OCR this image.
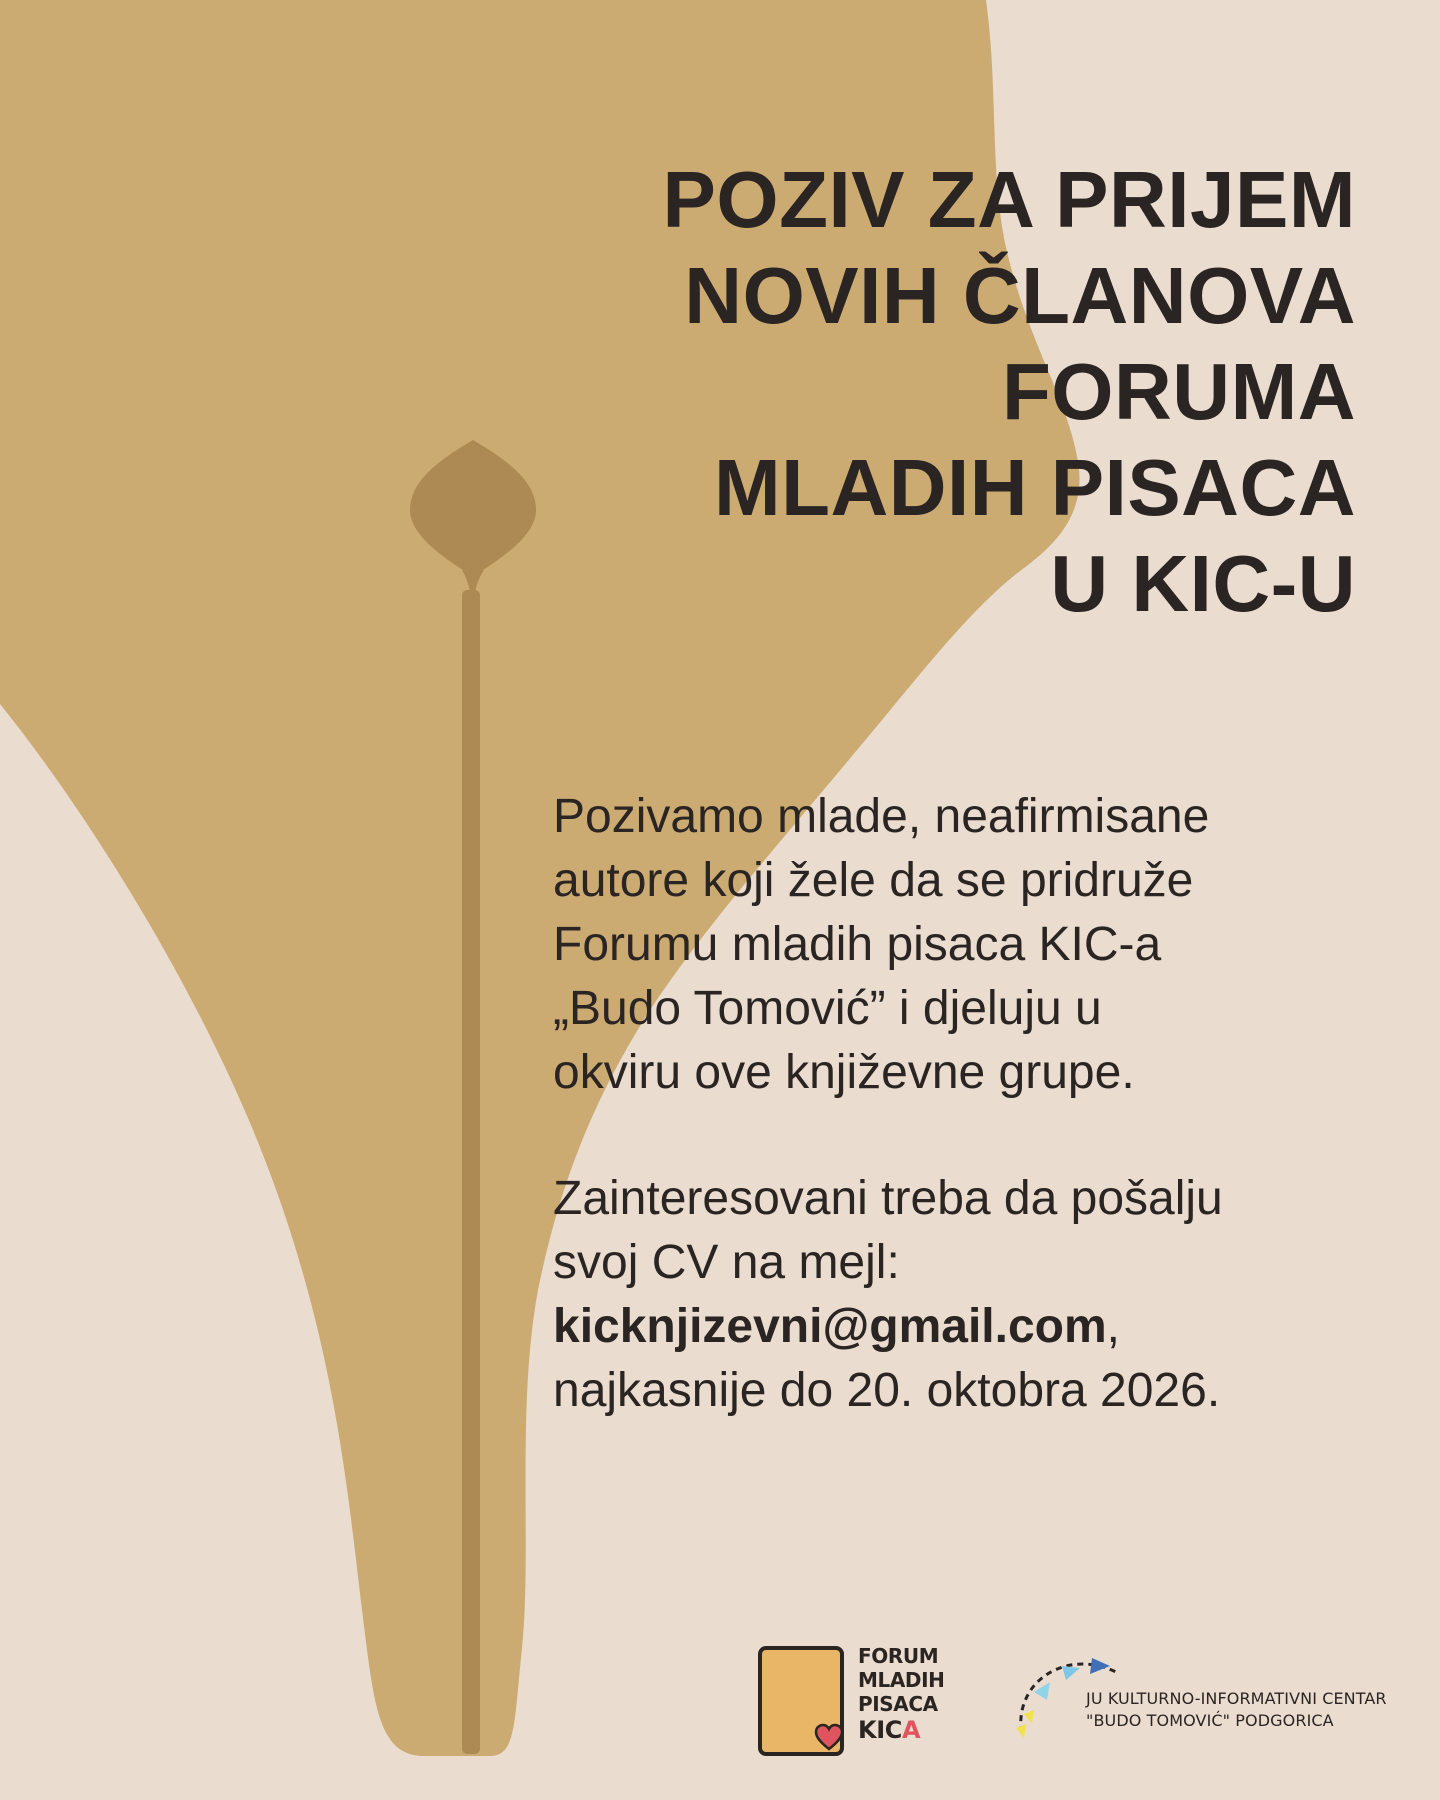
POZIV ZA PRIJEM
NOVIH ČLANOVA
FORUMA
MLADIH PISACA
U KIC-U
Pozivamo mlade, neafirmisane
autore koji žele da se pridruže
Forumu mladih pisaca KIC-a
„Budo Tomović” i djeluju u
okviru ove književne grupe.
Zainteresovani treba da pošalju
svoj CV na mejl:
kicknjizevni@gmail.com,
najkasnije do 20. oktobra 2026.
FORUM
MLADIH
PISACA
KICA
JU KULTURNO-INFORMATIVNI CENTAR
"BUDO TOMOVIĆ" PODGORICA
